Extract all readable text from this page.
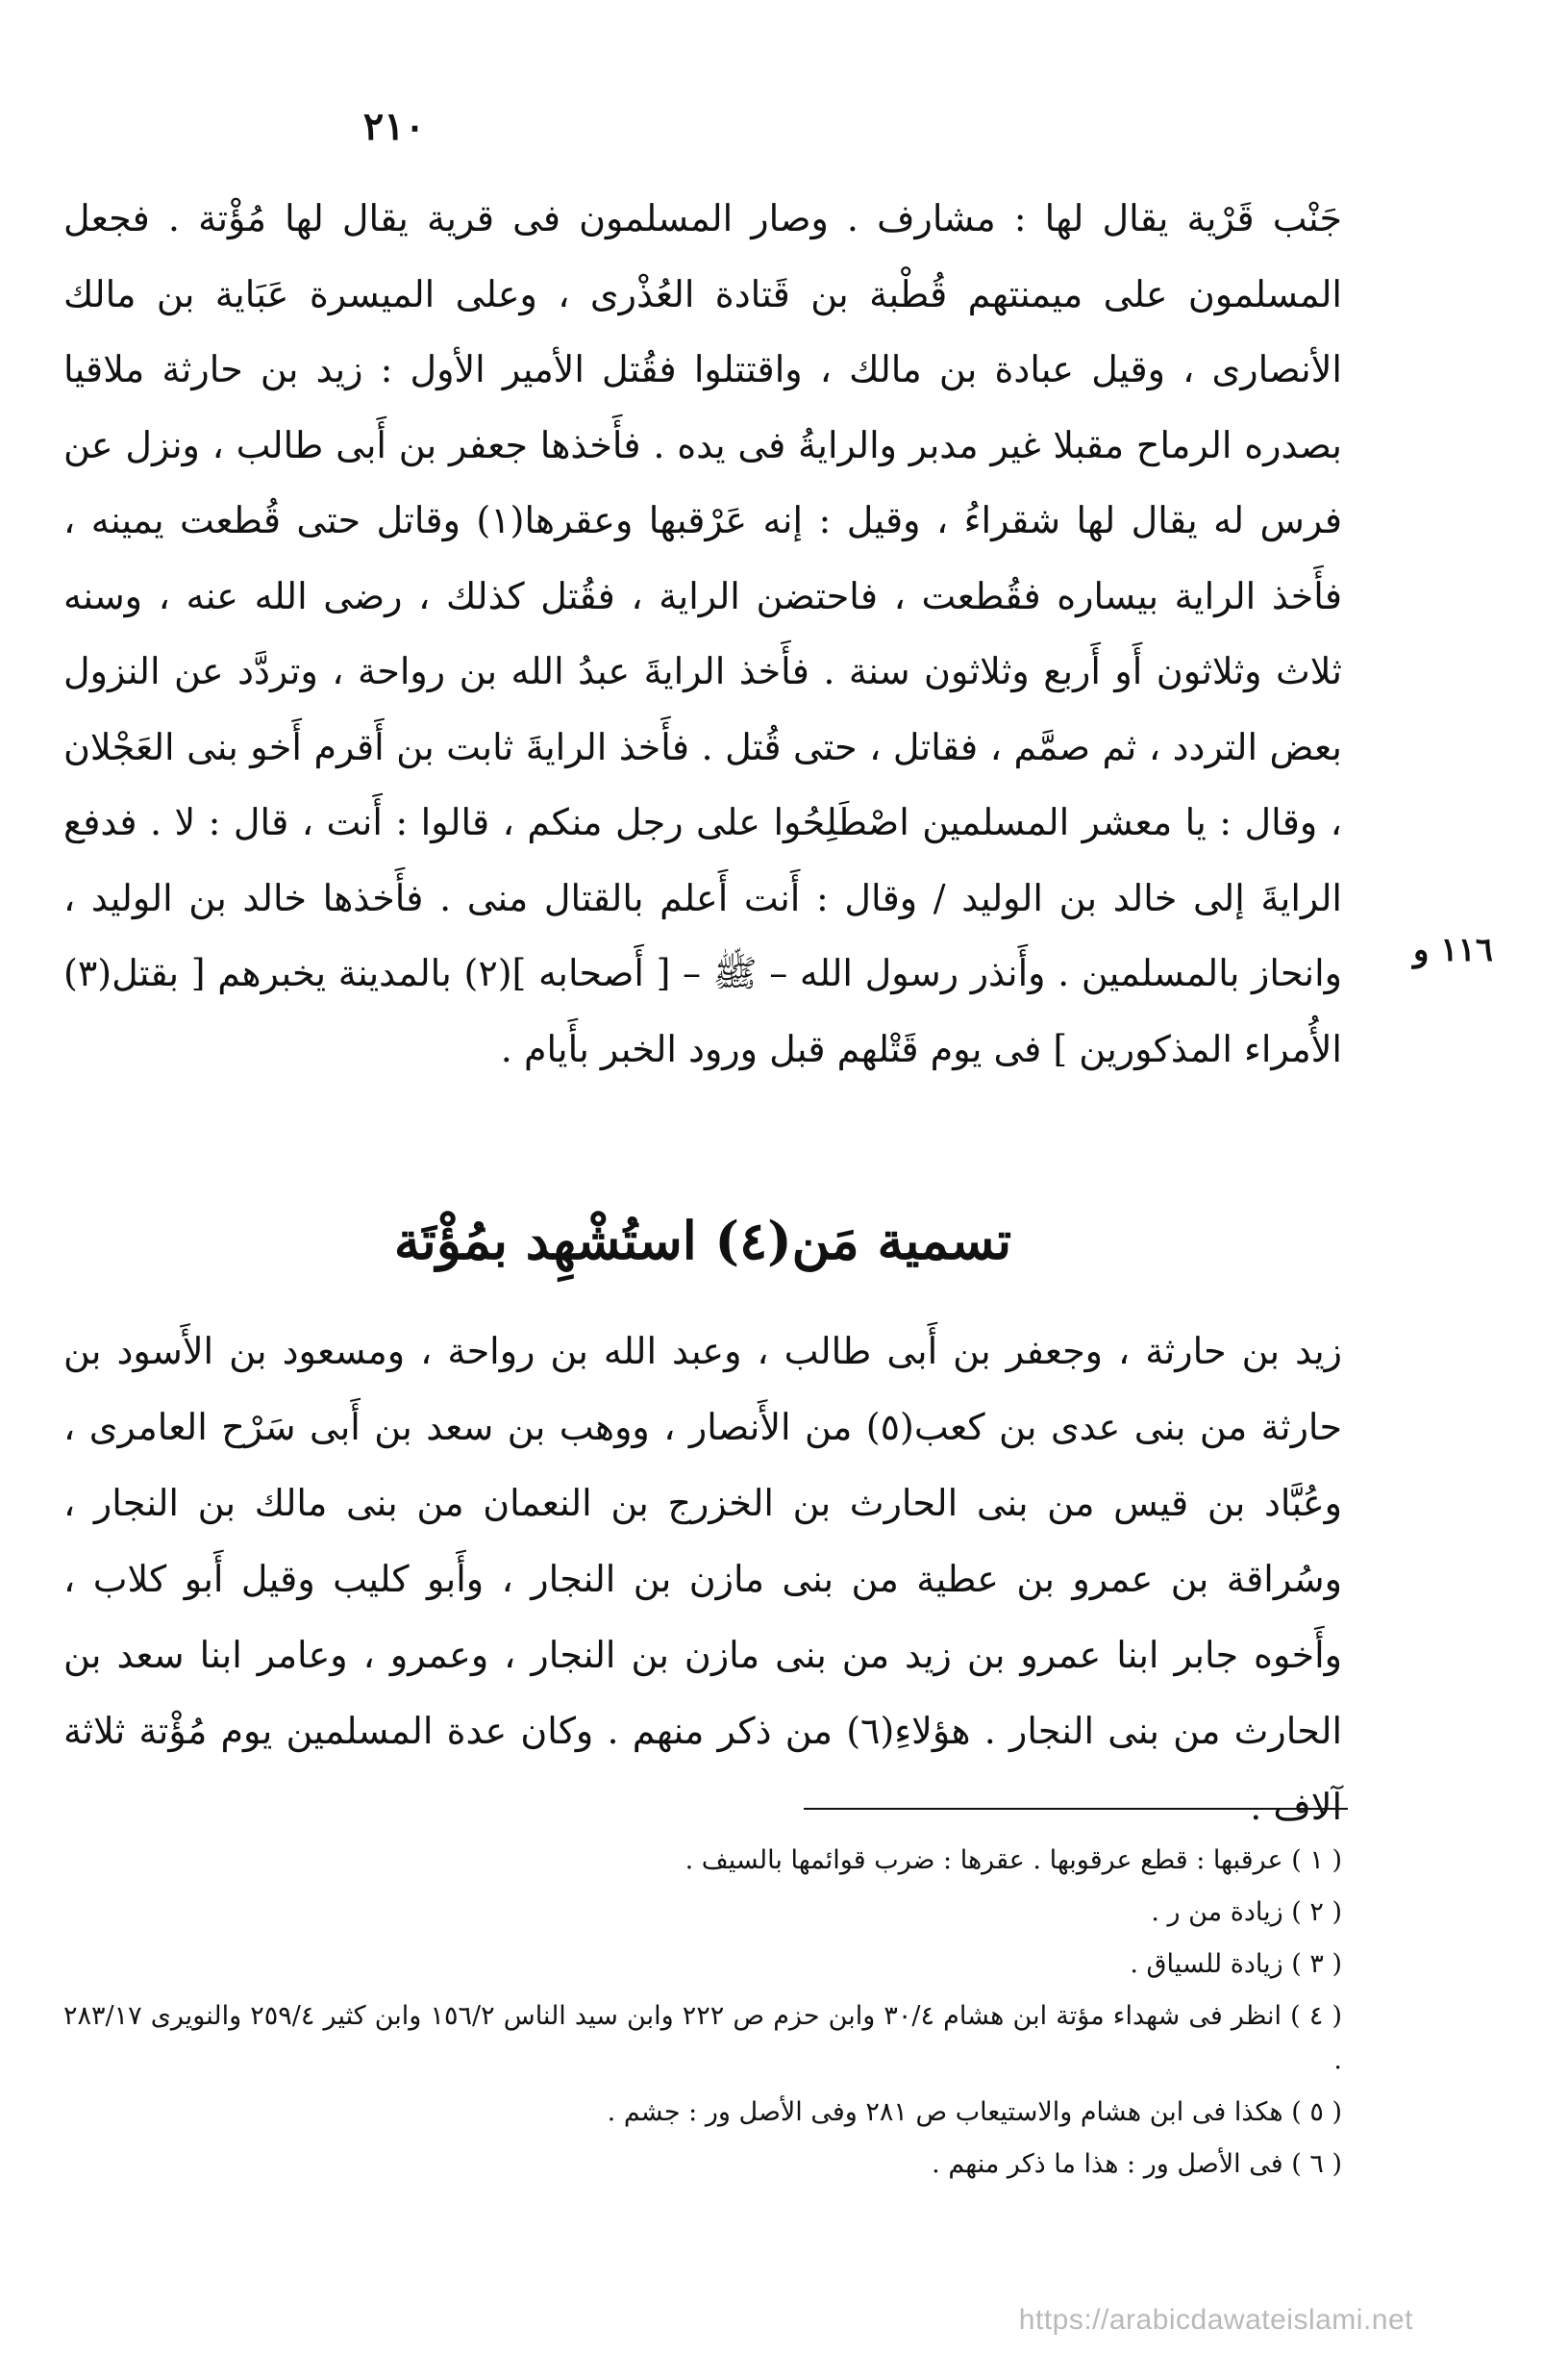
٢١٠
١١٦ و

جَنْب قَرْية يقال لها : مشارف . وصار المسلمون فى قرية يقال لها مُؤْتة . فجعل المسلمون على ميمنتهم قُطْبة بن قَتادة العُذْرى ، وعلى الميسرة عَبَاية بن مالك الأنصارى ، وقيل عبادة بن مالك ، واقتتلوا فقُتل الأمير الأول : زيد بن حارثة ملاقيا بصدره الرماح مقبلا غير مدبر والرايةُ فى يده . فأَخذها جعفر بن أَبى طالب ، ونزل عن فرس له يقال لها شقراءُ ، وقيل : إنه عَرْقبها وعقرها(١) وقاتل حتى قُطعت يمينه ، فأَخذ الراية بيساره فقُطعت ، فاحتضن الراية ، فقُتل كذلك ، رضى الله عنه ، وسنه ثلاث وثلاثون أَو أَربع وثلاثون سنة . فأَخذ الرايةَ عبدُ الله بن رواحة ، وتردَّد عن النزول بعض التردد ، ثم صمَّم ، فقاتل ، حتى قُتل . فأَخذ الرايةَ ثابت بن أَقرم أَخو بنى العَجْلان ، وقال : يا معشر المسلمين اصْطَلِحُوا على رجل منكم ، قالوا : أَنت ، قال : لا . فدفع الرايةَ إلى خالد بن الوليد / وقال : أَنت أَعلم بالقتال منى . فأَخذها خالد بن الوليد ، وانحاز بالمسلمين . وأَنذر رسول الله – ﷺ – [ أَصحابه ](٢) بالمدينة يخبرهم [ بقتل(٣) الأُمراء المذكورين ] فى يوم قَتْلهم قبل ورود الخبر بأَيام .

تسمية مَن(٤) استُشْهِد بمُؤْتَة

زيد بن حارثة ، وجعفر بن أَبى طالب ، وعبد الله بن رواحة ، ومسعود بن الأَسود بن حارثة من بنى عدى بن كعب(٥) من الأَنصار ، ووهب بن سعد بن أَبى سَرْح العامرى ، وعُبَّاد بن قيس من بنى الحارث بن الخزرج بن النعمان من بنى مالك بن النجار ، وسُراقة بن عمرو بن عطية من بنى مازن بن النجار ، وأَبو كليب وقيل أَبو كلاب ، وأَخوه جابر ابنا عمرو بن زيد من بنى مازن بن النجار ، وعمرو ، وعامر ابنا سعد بن الحارث من بنى النجار . هؤلاءِ(٦) من ذكر منهم . وكان عدة المسلمين يوم مُؤْتة ثلاثة آلاف .

( ١ ) عرقبها : قطع عرقوبها . عقرها : ضرب قوائمها بالسيف .
( ٢ ) زيادة من ر .
( ٣ ) زيادة للسياق .
( ٤ ) انظر فى شهداء مؤتة ابن هشام ٣٠/٤ وابن حزم ص ٢٢٢ وابن سيد الناس ١٥٦/٢ وابن كثير ٢٥٩/٤ والنويرى ٢٨٣/١٧ .
( ٥ ) هكذا فى ابن هشام والاستيعاب ص ٢٨١ وفى الأصل ور : جشم .
( ٦ ) فى الأصل ور : هذا ما ذكر منهم .
https://arabicdawateislami.net
